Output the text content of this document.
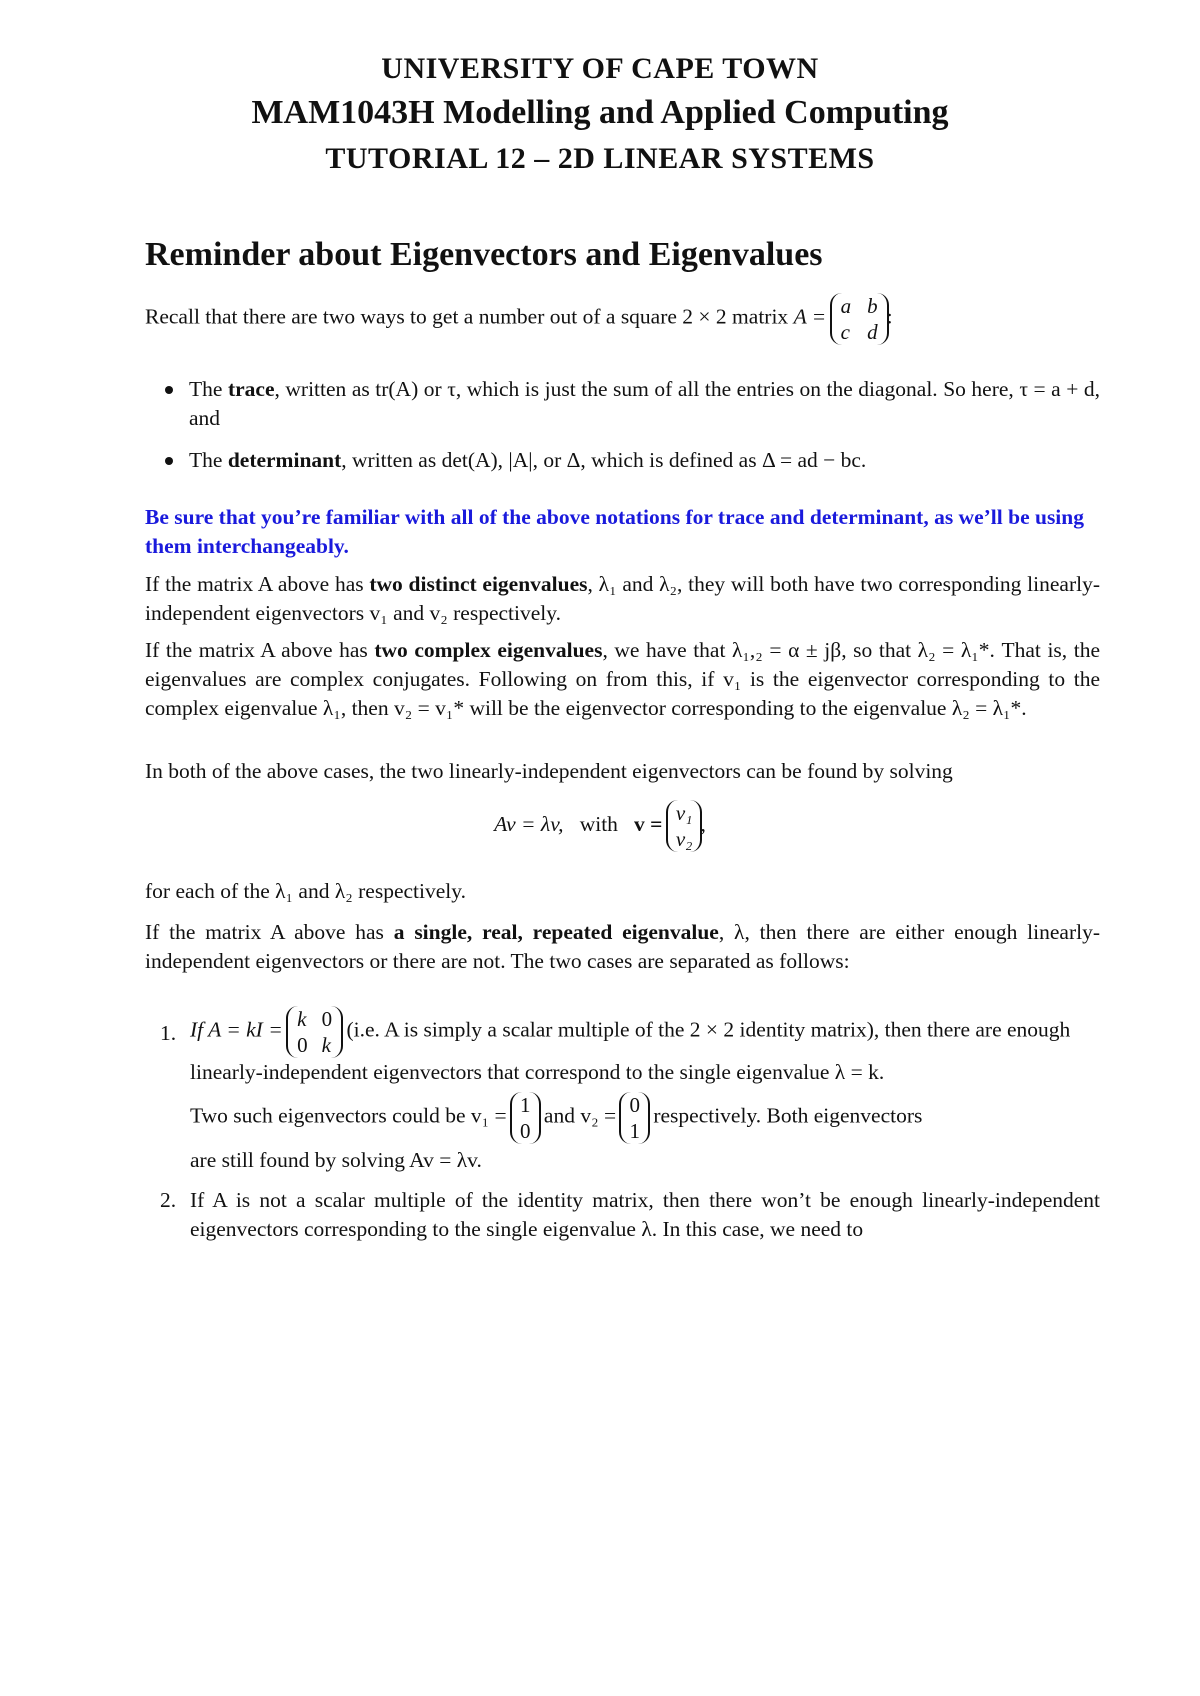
UNIVERSITY OF CAPE TOWN
MAM1043H Modelling and Applied Computing
TUTORIAL 12 – 2D LINEAR SYSTEMS
Reminder about Eigenvectors and Eigenvalues
Recall that there are two ways to get a number out of a square 2 × 2 matrix A = a b
c d
:
The trace, written as tr(A) or τ, which is just the sum of all the entries on the diagonal. So here, τ = a + d, and
The determinant, written as det(A), |A|, or Δ, which is defined as Δ = ad − bc.

Be sure that you’re familiar with all of the above notations for trace and determinant, as we’ll be using them interchangeably.

If the matrix A above has two distinct eigenvalues, λ₁ and λ₂, they will both have two corresponding linearly-independent eigenvectors v₁ and v₂ respectively.

If the matrix A above has two complex eigenvalues, we have that λ₁,₂ = α ± jβ, so that λ₂ = λ₁*. That is, the eigenvalues are complex conjugates. Following on from this, if v₁ is the eigenvector corresponding to the complex eigenvalue λ₁, then v₂ = v₁* will be the eigenvector corresponding to the eigenvalue λ₂ = λ₁*.

In both of the above cases, the two linearly-independent eigenvectors can be found by solving

Av = λv, with v = v₁
v₂
,

for each of the λ₁ and λ₂ respectively.

If the matrix A above has a single, real, repeated eigenvalue, λ, then there are either enough linearly-independent eigenvectors or there are not. The two cases are separated as follows:

1. If A = kI = k 0
0 k
(i.e. A is simply a scalar multiple of the 2 × 2 identity matrix), then there are enough linearly-independent eigenvectors that correspond to the single eigenvalue λ = k.
Two such eigenvectors could be v₁ = 1
0
and v₂ = 0
1
respectively. Both eigenvectors
are still found by solving Av = λv.
2. If A is not a scalar multiple of the identity matrix, then there won’t be enough linearly-independent eigenvectors corresponding to the single eigenvalue λ. In this case, we need to
